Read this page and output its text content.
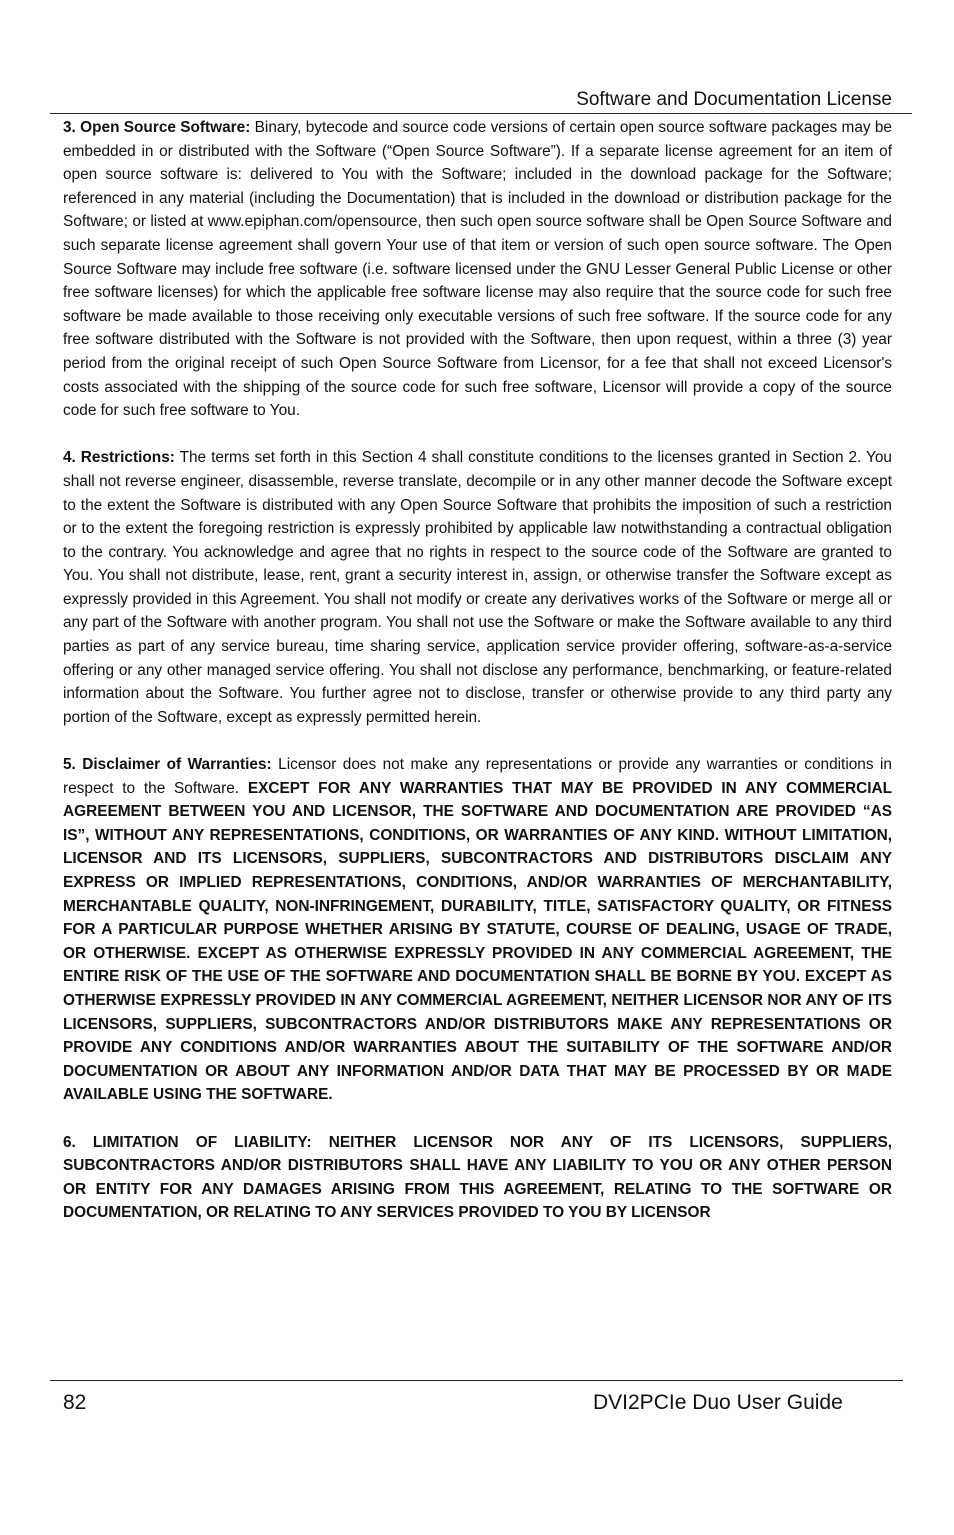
Software and Documentation License

3. Open Source Software: Binary, bytecode and source code versions of certain open source software packages may be embedded in or distributed with the Software (“Open Source Software”). If a separate license agreement for an item of open source software is: delivered to You with the Software; included in the download package for the Software; referenced in any material (including the Documentation) that is included in the download or distribution package for the Software; or listed at www.epiphan.com/opensource, then such open source software shall be Open Source Software and such separate license agreement shall govern Your use of that item or version of such open source software. The Open Source Software may include free software (i.e. software licensed under the GNU Lesser General Public License or other free software licenses) for which the applicable free software license may also require that the source code for such free software be made available to those receiving only executable versions of such free software. If the source code for any free software distributed with the Software is not provided with the Software, then upon request, within a three (3) year period from the original receipt of such Open Source Software from Licensor, for a fee that shall not exceed Licensor's costs associated with the shipping of the source code for such free software, Licensor will provide a copy of the source code for such free software to You.

4. Restrictions: The terms set forth in this Section 4 shall constitute conditions to the licenses granted in Section 2. You shall not reverse engineer, disassemble, reverse translate, decompile or in any other manner decode the Software except to the extent the Software is distributed with any Open Source Software that prohibits the imposition of such a restriction or to the extent the foregoing restriction is expressly prohibited by applicable law notwithstanding a contractual obligation to the contrary. You acknowledge and agree that no rights in respect to the source code of the Software are granted to You. You shall not distribute, lease, rent, grant a security interest in, assign, or otherwise transfer the Software except as expressly provided in this Agreement. You shall not modify or create any derivatives works of the Software or merge all or any part of the Software with another program. You shall not use the Software or make the Software available to any third parties as part of any service bureau, time sharing service, application service provider offering, software-as-a-service offering or any other managed service offering. You shall not disclose any performance, benchmarking, or feature-related information about the Software. You further agree not to disclose, transfer or otherwise provide to any third party any portion of the Software, except as expressly permitted herein.

5. Disclaimer of Warranties: Licensor does not make any representations or provide any warranties or conditions in respect to the Software. EXCEPT FOR ANY WARRANTIES THAT MAY BE PROVIDED IN ANY COMMERCIAL AGREEMENT BETWEEN YOU AND LICENSOR, THE SOFTWARE AND DOCUMENTATION ARE PROVIDED “AS IS”, WITHOUT ANY REPRESENTATIONS, CONDITIONS, OR WARRANTIES OF ANY KIND. WITHOUT LIMITATION, LICENSOR AND ITS LICENSORS, SUPPLIERS, SUBCONTRACTORS AND DISTRIBUTORS DISCLAIM ANY EXPRESS OR IMPLIED REPRESENTATIONS, CONDITIONS, AND/OR WARRANTIES OF MERCHANTABILITY, MERCHANTABLE QUALITY, NON-INFRINGEMENT, DURABILITY, TITLE, SATISFACTORY QUALITY, OR FITNESS FOR A PARTICULAR PURPOSE WHETHER ARISING BY STATUTE, COURSE OF DEALING, USAGE OF TRADE, OR OTHERWISE. EXCEPT AS OTHERWISE EXPRESSLY PROVIDED IN ANY COMMERCIAL AGREEMENT, THE ENTIRE RISK OF THE USE OF THE SOFTWARE AND DOCUMENTATION SHALL BE BORNE BY YOU. EXCEPT AS OTHERWISE EXPRESSLY PROVIDED IN ANY COMMERCIAL AGREEMENT, NEITHER LICENSOR NOR ANY OF ITS LICENSORS, SUPPLIERS, SUBCONTRACTORS AND/OR DISTRIBUTORS MAKE ANY REPRESENTATIONS OR PROVIDE ANY CONDITIONS AND/OR WARRANTIES ABOUT THE SUITABILITY OF THE SOFTWARE AND/OR DOCUMENTATION OR ABOUT ANY INFORMATION AND/OR DATA THAT MAY BE PROCESSED BY OR MADE AVAILABLE USING THE SOFTWARE.

6. LIMITATION OF LIABILITY: NEITHER LICENSOR NOR ANY OF ITS LICENSORS, SUPPLIERS, SUBCONTRACTORS AND/OR DISTRIBUTORS SHALL HAVE ANY LIABILITY TO YOU OR ANY OTHER PERSON OR ENTITY FOR ANY DAMAGES ARISING FROM THIS AGREEMENT, RELATING TO THE SOFTWARE OR DOCUMENTATION, OR RELATING TO ANY SERVICES PROVIDED TO YOU BY LICENSOR

82	DVI2PCIe Duo User Guide
